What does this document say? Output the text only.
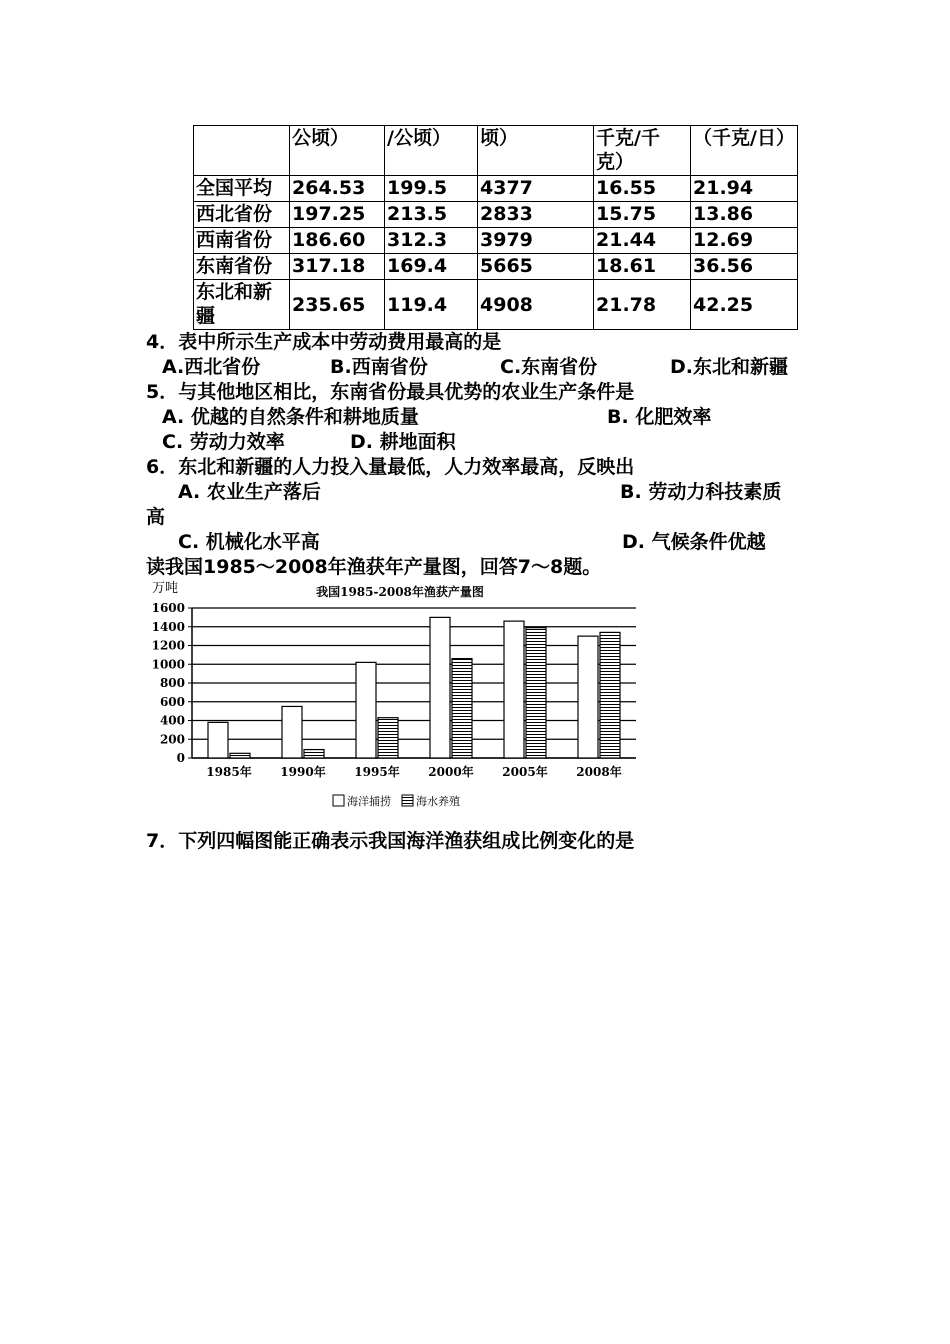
	公顷）	/公顷）	顷）	千克/千克）	（千克/日）
全国平均	264.53	199.5	4377	16.55	21.94
西北省份	197.25	213.5	2833	15.75	13.86
西南省份	186.60	312.3	3979	21.44	12.69
东南省份	317.18	169.4	5665	18.61	36.56
东北和新疆	235.65	119.4	4908	21.78	42.25
4．表中所示生产成本中劳动费用最高的是
A.西北省份	B.西南省份	C.东南省份	D.东北和新疆
5．与其他地区相比，东南省份最具优势的农业生产条件是
A. 优越的自然条件和耕地质量	B. 化肥效率
C. 劳动力效率	D. 耕地面积
6．东北和新疆的人力投入量最低，人力效率最高，反映出
A. 农业生产落后	B. 劳动力科技素质
高
C. 机械化水平高	D. 气候条件优越
读我国1985～2008年渔获年产量图，回答7～8题。
万吨	我国1985-2008年渔获产量图
1600
1400
1200
1000
800
600
400
200
0
1985年 1990年 1995年 2000年 2005年 2008年
海洋捕捞 海水养殖
7．下列四幅图能正确表示我国海洋渔获组成比例变化的是
